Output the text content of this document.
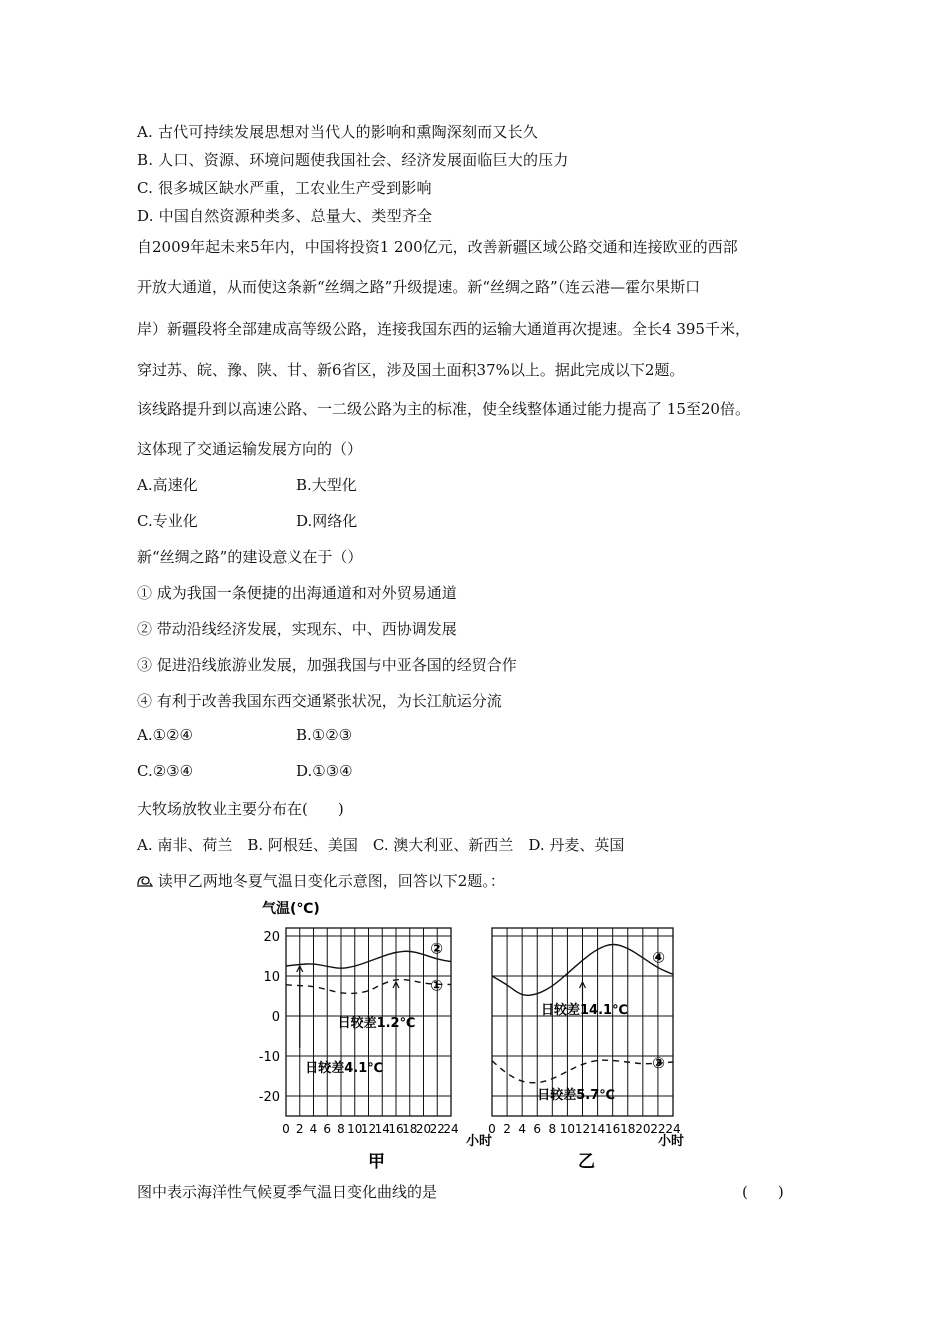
A. 古代可持续发展思想对当代人的影响和熏陶深刻而又长久
B. 人口、资源、环境问题使我国社会、经济发展面临巨大的压力
C. 很多城区缺水严重，工农业生产受到影响
D. 中国自然资源种类多、总量大、类型齐全
自2009年起未来5年内，中国将投资1 200亿元，改善新疆区域公路交通和连接欧亚的西部
开放大通道，从而使这条新“丝绸之路”升级提速。新“丝绸之路”（连云港—霍尔果斯口
岸）新疆段将全部建成高等级公路，连接我国东西的运输大通道再次提速。全长4 395千米，
穿过苏、皖、豫、陕、甘、新6省区，涉及国土面积37%以上。据此完成以下2题。
该线路提升到以高速公路、一二级公路为主的标准，使全线整体通过能力提高了 15至20倍。
这体现了交通运输发展方向的（）
A.高速化	B.大型化
C.专业化	D.网络化
新“丝绸之路”的建设意义在于（）
① 成为我国一条便捷的出海通道和对外贸易通道
② 带动沿线经济发展，实现东、中、西协调发展
③ 促进沿线旅游业发展，加强我国与中亚各国的经贸合作
④ 有利于改善我国东西交通紧张状况，为长江航运分流
A.①②④	B.①②③
C.②③④	D.①③④
大牧场放牧业主要分布在(　　)
A. 南非、荷兰　B. 阿根廷、美国　C. 澳大利亚、新西兰　D. 丹麦、英国
读甲乙两地冬夏气温日变化示意图，回答以下2题。：
气温(℃)
20
10
0
-10
-20
②
①
④
③
日较差1.2℃
日较差4.1℃
日较差14.1℃
日较差5.7℃
0 2 4 6 8 10
12
14
16
18
20
22
24 0 2 4 6 8 10 12 14 16 18 20 22 24
小时	小时
甲	乙
图中表示海洋性气候夏季气温日变化曲线的是	(　　)
